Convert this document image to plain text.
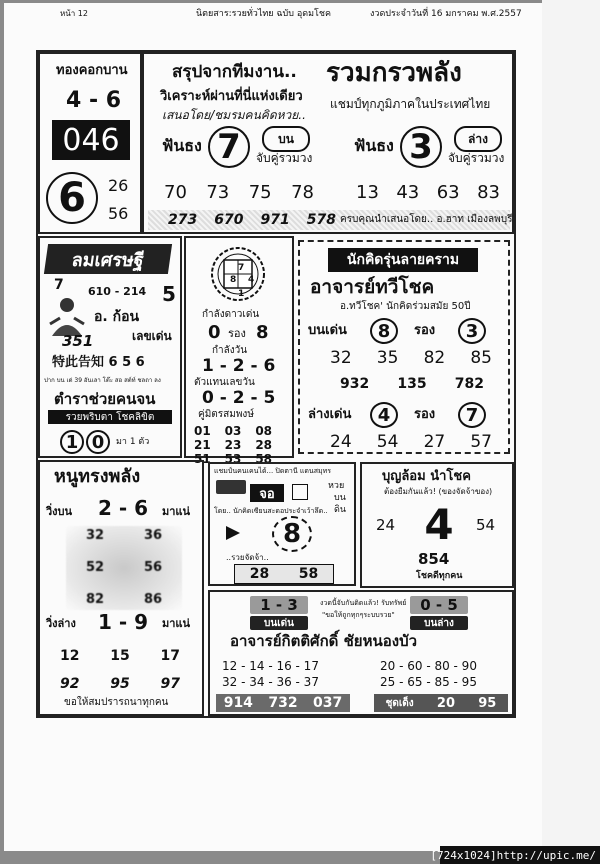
หน้า 12	นิตยสาร:รวยทั่วไทย ฉบับ อุดมโชค	งวดประจำวันที่ 16 มกราคม พ.ศ.2557
ทองคอกบาน
4 - 6
046
6	26
56
สรุปจากทีมงาน.. รวมกรวพลัง
วิเคราะห์ผ่านที่นี่แห่งเดียว
เสนอโดย/ชมรมคนคิดหวย..
แชมป์ทุกภูมิภาคในประเทศไทย
ฟันธง 7	บน
จับคู่รวมวง
ฟันธง 3	ล่าง
จับคู่รวมวง
70 73 75 78 13 43 63 83
273 670 971 578 ครบคุณนำเสนอโดย.. อ.ฮาท เมืองลพบุรี
ลมเศรษฐี
7 610 - 214 5
อ. ก้อน
เลขเด่น
351
特此告知 6 5 6
ปาก บน เด่ 39 อันเลา โต๊ะ สอ สต์ท์ ชลถา ลง
ตำราช่วยคนจน
รวยพริบตา โชคลิขิต
1 0	มา 1 ตัว
7
8 4
1
กำลังดาวเด่น
0 รอง 8
กำลังวัน
1 - 2 - 6
ตัวแทนเลขวัน
0 - 2 - 5
คู่มิตรสมพงษ์
01	03	08
21	23	28
51	53	58
นักคิดรุ่นลายคราม
อาจารย์ทวีโชค
อ.ทวีโชค' นักคิดร่วมสมัย 50ปี
บนเด่น	8	รอง	3
32 35 82 85
932 135 782
ล่างเด่น	4	รอง	7
24 54 27 57
หนูทรงพลัง
วิ่งบน 2 - 6 มาแน่
32	36
52	56
82	86
วิ่งล่าง 1 - 9 มาแน่
12 15 17
92 95 97
ขอให้สมปรารถนาทุกคน
แชมป์นคนเคนได้... ปิดตานี แดนสมุทร
จอ
หวย
บน
ดิน
โดย.. นักคิดเซียนสะดอประจำเว้าลึด..
8
..รวยจัดจ้า..
28 58
บุญล้อม นำโชค
ต้องยืมกันแล้ว! (ของจัดจ้าของ)
24 4	54
854
โชคดีทุกคน
1 - 3
บนเด่น
งวดนี้จับกันติดแล้ว! รับทรัพย์
"ขอให้ถูกทุกๆระบบรวย"
0 - 5
บนล่าง
อาจารย์กิตติศักดิ์ ชัยหนองบัว
12 - 14 - 16 - 17	20 - 60 - 80 - 90
32 - 34 - 36 - 37	25 - 65 - 85 - 95
914 732 037	ชุดเด็ง 20 95
[724x1024]http://upic.me/
